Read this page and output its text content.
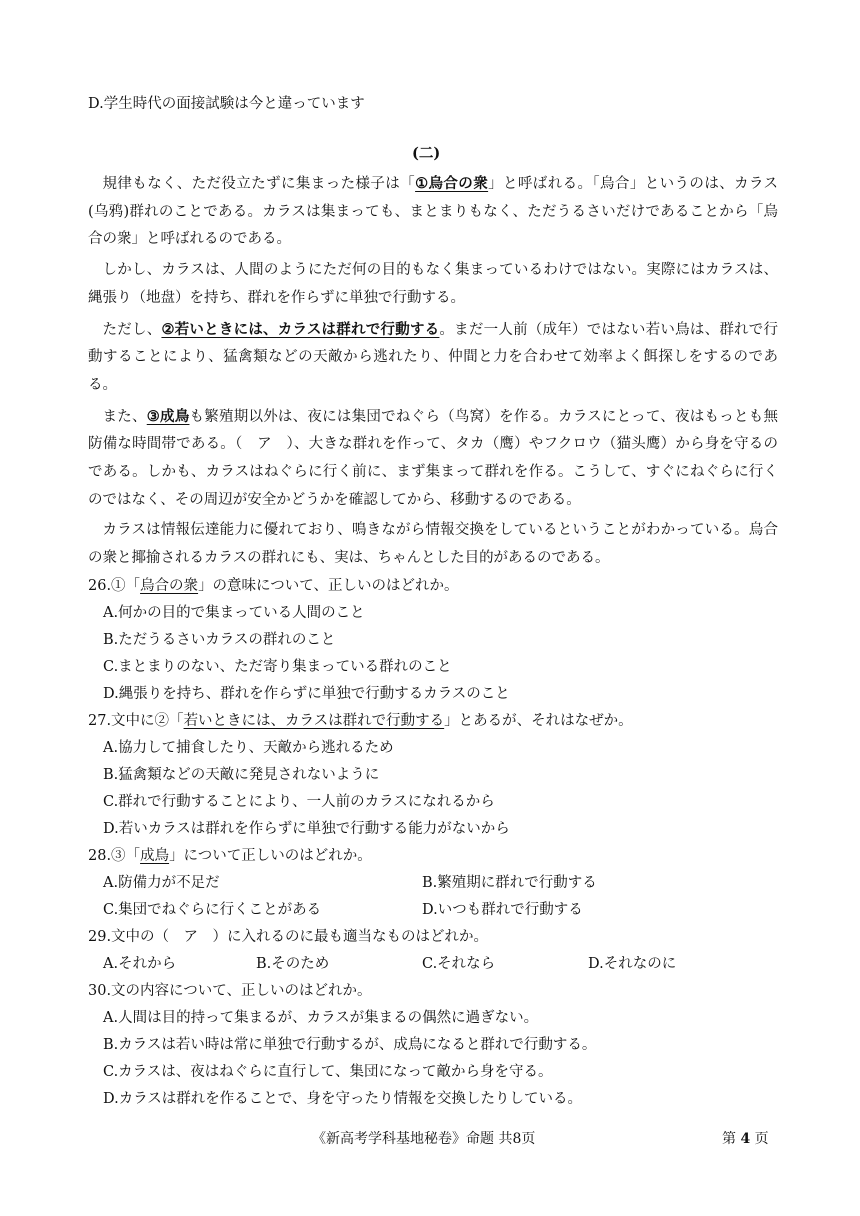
D.学生時代の面接試験は今と違っています
(二)

規律もなく、ただ役立たずに集まった様子は「①烏合の衆」と呼ばれる。「烏合」というのは、カラス(乌鸦)群れのことである。カラスは集まっても、まとまりもなく、ただうるさいだけであることから「烏合の衆」と呼ばれるのである。

しかし、カラスは、人間のようにただ何の目的もなく集まっているわけではない。実際にはカラスは、縄張り（地盘）を持ち、群れを作らずに単独で行動する。

ただし、②若いときには、カラスは群れで行動する。まだ一人前（成年）ではない若い鳥は、群れで行動することにより、猛禽類などの天敵から逃れたり、仲間と力を合わせて効率よく餌探しをするのである。

また、③成鳥も繁殖期以外は、夜には集団でねぐら（鸟窝）を作る。カラスにとって、夜はもっとも無防備な時間帯である。（　ア　）、大きな群れを作って、タカ（鹰）やフクロウ（猫头鹰）から身を守るのである。しかも、カラスはねぐらに行く前に、まず集まって群れを作る。こうして、すぐにねぐらに行くのではなく、その周辺が安全かどうかを確認してから、移動するのである。

カラスは情報伝達能力に優れており、鳴きながら情報交換をしているということがわかっている。烏合の衆と揶揄されるカラスの群れにも、実は、ちゃんとした目的があるのである。

26.①「烏合の衆」の意味について、正しいのはどれか。
A.何かの目的で集まっている人間のこと
B.ただうるさいカラスの群れのこと
C.まとまりのない、ただ寄り集まっている群れのこと
D.縄張りを持ち、群れを作らずに単独で行動するカラスのこと
27.文中に②「若いときには、カラスは群れで行動する」とあるが、それはなぜか。
A.協力して捕食したり、天敵から逃れるため
B.猛禽類などの天敵に発見されないように
C.群れで行動することにより、一人前のカラスになれるから
D.若いカラスは群れを作らずに単独で行動する能力がないから
28.③「成鳥」について正しいのはどれか。
A.防備力が不足だ	B.繁殖期に群れで行動する
C.集団でねぐらに行くことがある	D.いつも群れで行動する
29.文中の（　ア　）に入れるのに最も適当なものはどれか。
A.それから	B.そのため	C.それなら	D.それなのに
30.文の内容について、正しいのはどれか。
A.人間は目的持って集まるが、カラスが集まるの偶然に過ぎない。
B.カラスは若い時は常に単独で行動するが、成鳥になると群れで行動する。
C.カラスは、夜はねぐらに直行して、集団になって敵から身を守る。
D.カラスは群れを作ることで、身を守ったり情報を交換したりしている。
《新高考学科基地秘卷》命题 共8页	第 4 页
